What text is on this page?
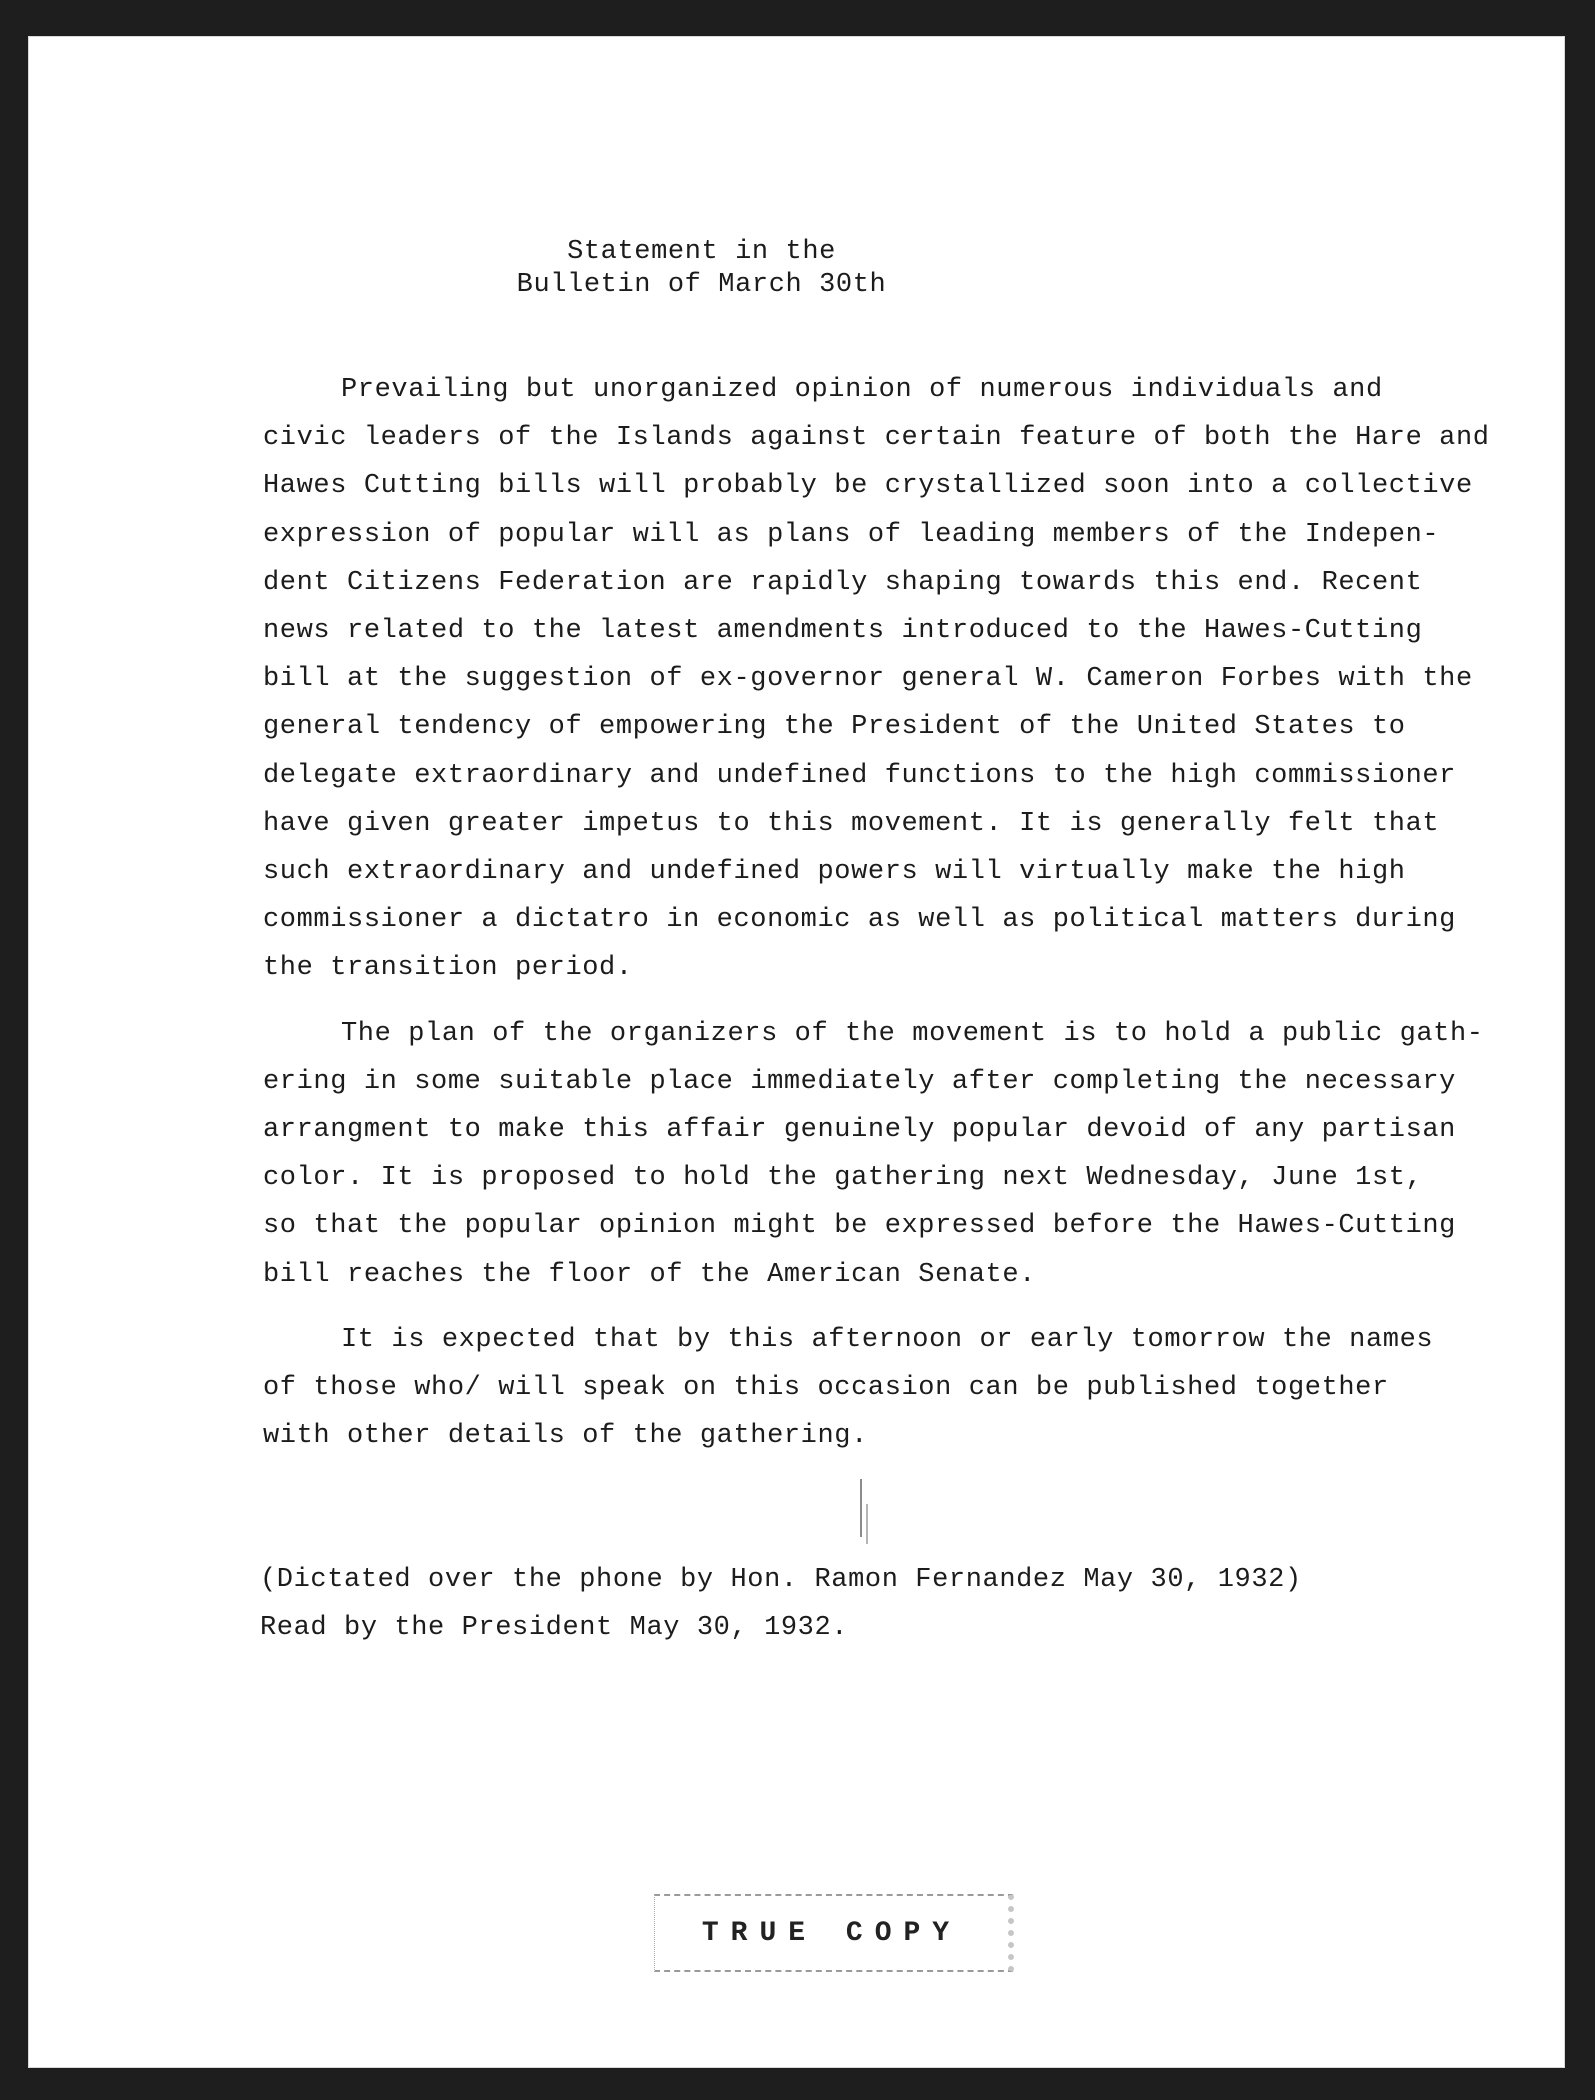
Statement in the
Bulletin of March 30th

Prevailing but unorganized opinion of numerous individuals and
civic leaders of the Islands against certain feature of both the Hare and
Hawes Cutting bills will probably be crystallized soon into a collective
expression of popular will as plans of leading members of the Indepen-
dent Citizens Federation are rapidly shaping towards this end. Recent
news related to the latest amendments introduced to the Hawes-Cutting
bill at the suggestion of ex-governor general W. Cameron Forbes with the
general tendency of empowering the President of the United States to
delegate extraordinary and undefined functions to the high commissioner
have given greater impetus to this movement. It is generally felt that
such extraordinary and undefined powers will virtually make the high
commissioner a dictatro in economic as well as political matters during
the transition period.

The plan of the organizers of the movement is to hold a public gath-
ering in some suitable place immediately after completing the necessary
arrangment to make this affair genuinely popular devoid of any partisan
color. It is proposed to hold the gathering next Wednesday, June 1st,
so that the popular opinion might be expressed before the Hawes-Cutting
bill reaches the floor of the American Senate.

It is expected that by this afternoon or early tomorrow the names
of those who/ will speak on this occasion can be published together
with other details of the gathering.

(Dictated over the phone by Hon. Ramon Fernandez May 30, 1932)
Read by the President May 30, 1932.
TRUE COPY
